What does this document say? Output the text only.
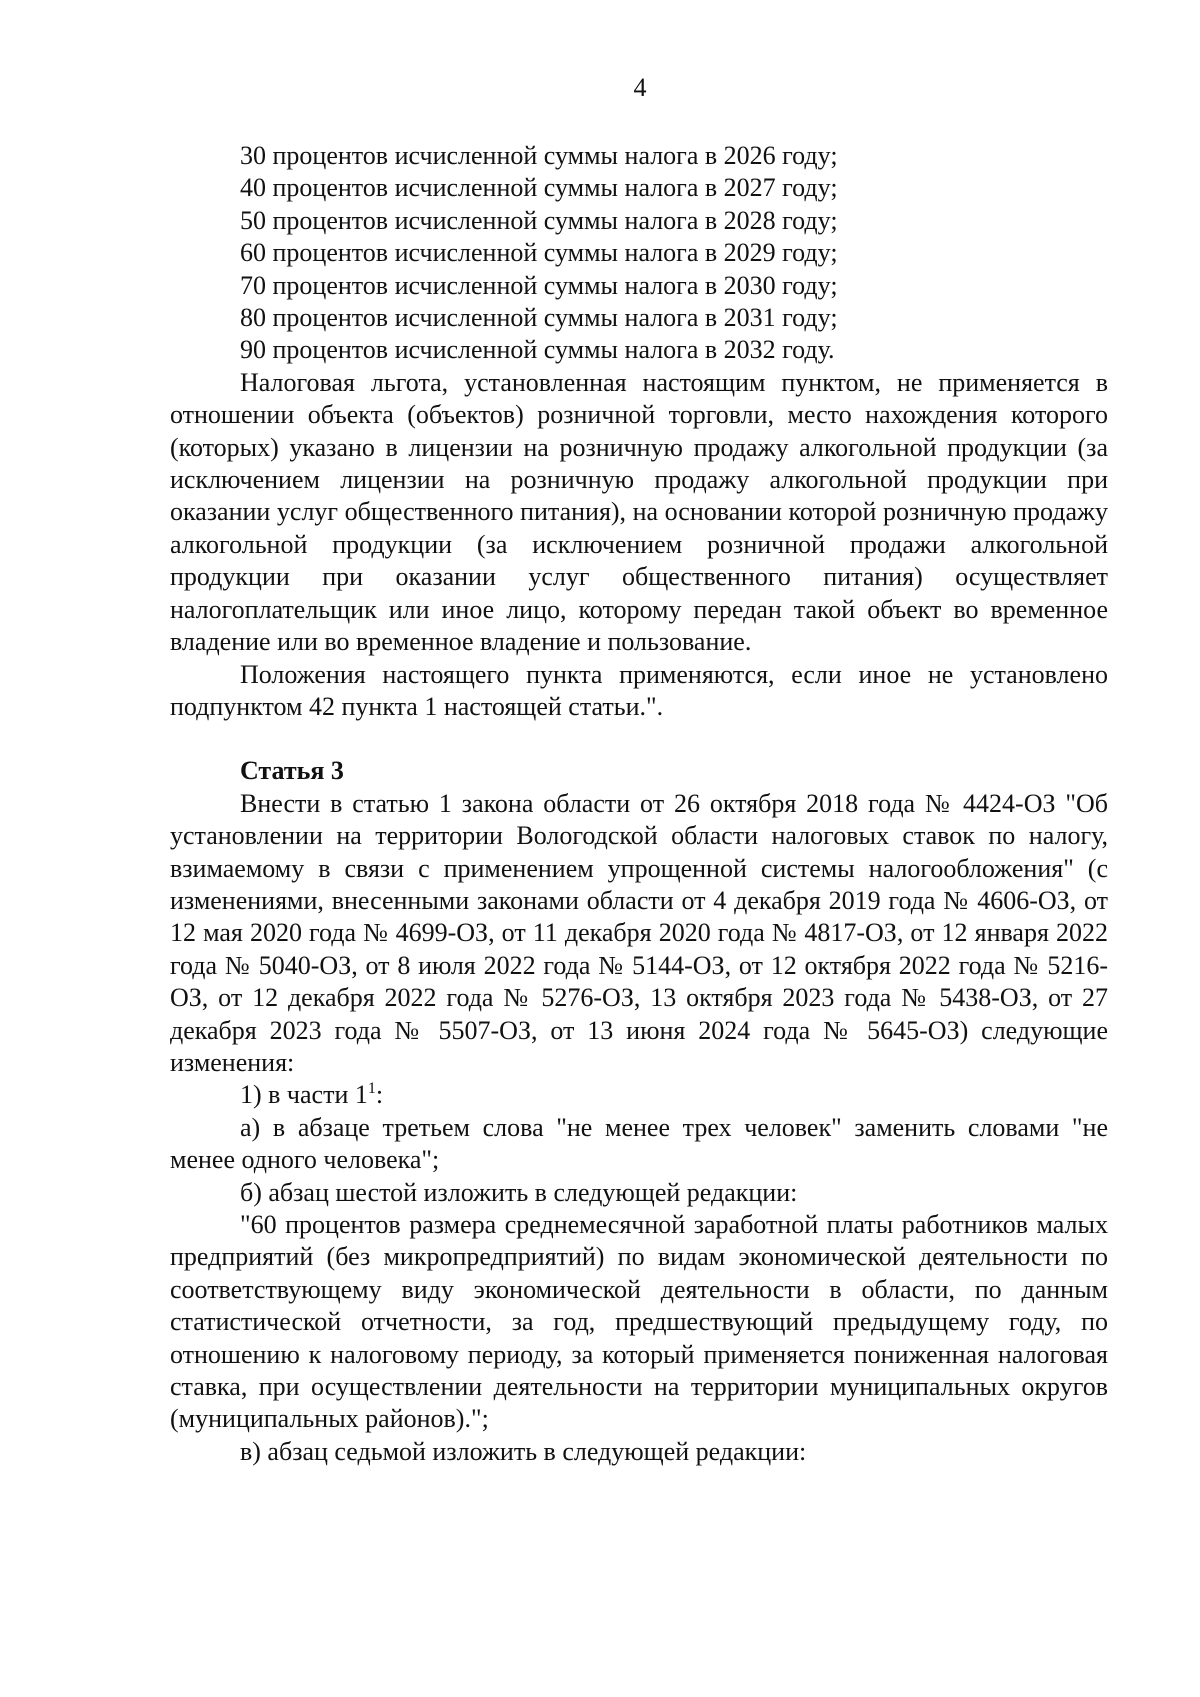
4

30 процентов исчисленной суммы налога в 2026 году;

40 процентов исчисленной суммы налога в 2027 году;

50 процентов исчисленной суммы налога в 2028 году;

60 процентов исчисленной суммы налога в 2029 году;

70 процентов исчисленной суммы налога в 2030 году;

80 процентов исчисленной суммы налога в 2031 году;

90 процентов исчисленной суммы налога в 2032 году.

Налоговая льгота, установленная настоящим пунктом, не применяется в отношении объекта (объектов) розничной торговли, место нахождения которого (которых) указано в лицензии на розничную продажу алкогольной продукции (за исключением лицензии на розничную продажу алкогольной продукции при оказании услуг общественного питания), на основании которой розничную продажу алкогольной продукции (за исключением розничной продажи алкогольной продукции при оказании услуг общественного питания) осуществляет налогоплательщик или иное лицо, которому передан такой объект во временное владение или во временное владение и пользование.

Положения настоящего пункта применяются, если иное не установлено подпунктом 42 пункта 1 настоящей статьи.".

Статья 3

Внести в статью 1 закона области от 26 октября 2018 года № 4424-ОЗ "Об установлении на территории Вологодской области налоговых ставок по налогу, взимаемому в связи с применением упрощенной системы налогообложения" (с изменениями, внесенными законами области от 4 декабря 2019 года № 4606-ОЗ, от 12 мая 2020 года № 4699-ОЗ, от 11 декабря 2020 года № 4817-ОЗ, от 12 января 2022 года № 5040-ОЗ, от 8 июля 2022 года № 5144-ОЗ, от 12 октября 2022 года № 5216-ОЗ, от 12 декабря 2022 года № 5276-ОЗ, 13 октября 2023 года № 5438-ОЗ, от 27 декабря 2023 года № 5507-ОЗ, от 13 июня 2024 года № 5645-ОЗ) следующие изменения:

1) в части $1^1$:

а) в абзаце третьем слова "не менее трех человек" заменить словами "не менее одного человека";

б) абзац шестой изложить в следующей редакции:

"60 процентов размера среднемесячной заработной платы работников малых предприятий (без микропредприятий) по видам экономической деятельности по соответствующему виду экономической деятельности в области, по данным статистической отчетности, за год, предшествующий предыдущему году, по отношению к налоговому периоду, за который применяется пониженная налоговая ставка, при осуществлении деятельности на территории муниципальных округов (муниципальных районов).";

в) абзац седьмой изложить в следующей редакции:
